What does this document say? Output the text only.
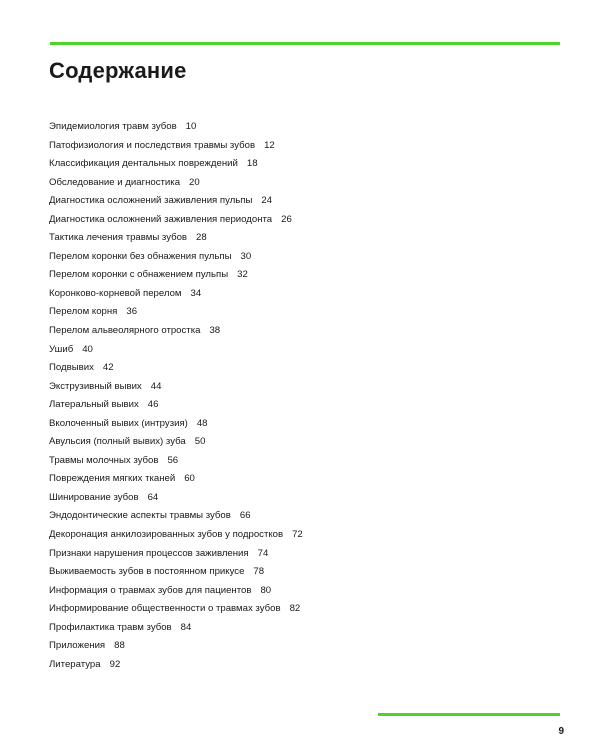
Содержание
Эпидемиология травм зубов 10
Патофизиология и последствия травмы зубов 12
Классификация дентальных повреждений 18
Обследование и диагностика 20
Диагностика осложнений заживления пульпы 24
Диагностика осложнений заживления периодонта 26
Тактика лечения травмы зубов 28
Перелом коронки без обнажения пульпы 30
Перелом коронки с обнажением пульпы 32
Коронково-корневой перелом 34
Перелом корня 36
Перелом альвеолярного отростка 38
Ушиб 40
Подвывих 42
Экструзивный вывих 44
Латеральный вывих 46
Вколоченный вывих (интрузия) 48
Авульсия (полный вывих) зуба 50
Травмы молочных зубов 56
Повреждения мягких тканей 60
Шинирование зубов 64
Эндодонтические аспекты травмы зубов 66
Декоронация анкилозированных зубов у подростков 72
Признаки нарушения процессов заживления 74
Выживаемость зубов в постоянном прикусе 78
Информация о травмах зубов для пациентов 80
Информирование общественности о травмах зубов 82
Профилактика травм зубов 84
Приложения 88
Литература 92
9
